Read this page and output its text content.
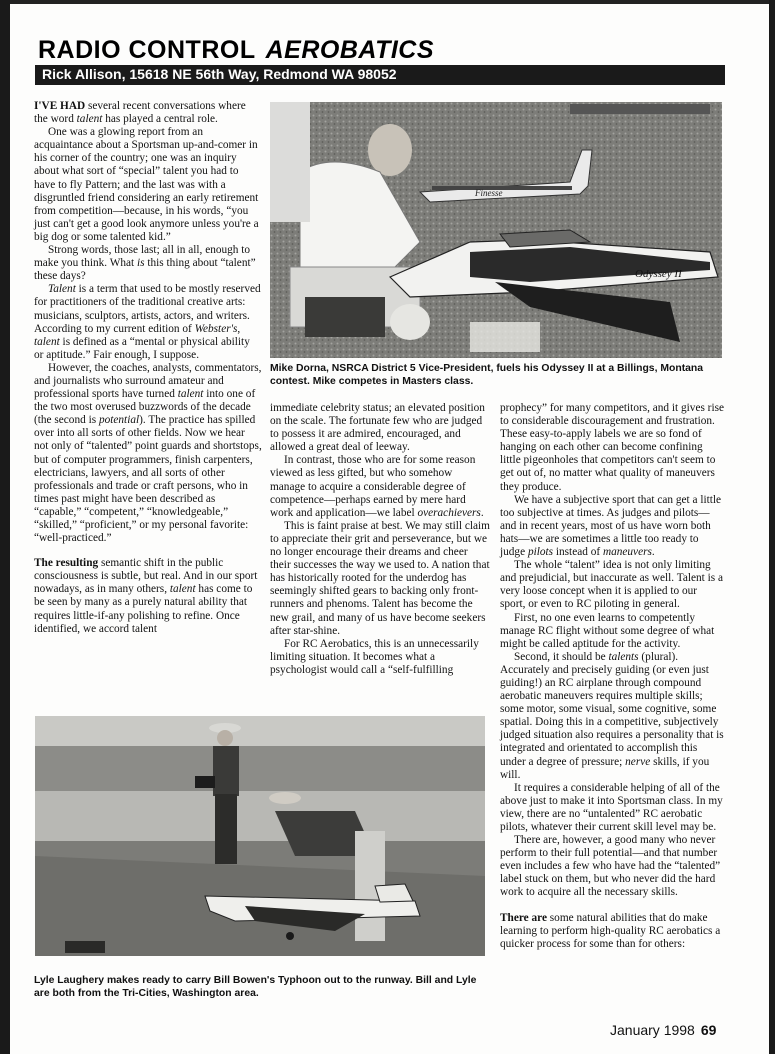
RADIO CONTROL AEROBATICS
Rick Allison, 15618 NE 56th Way, Redmond WA 98052

I'VE HAD several recent conversations where the word talent has played a central role.

One was a glowing report from an acquaintance about a Sportsman up-and-comer in his corner of the country; one was an inquiry about what sort of “special” talent you had to have to fly Pattern; and the last was with a disgruntled friend considering an early retirement from competition—because, in his words, “you just can't get a good look anymore unless you're a big dog or some talented kid.”

Strong words, those last; all in all, enough to make you think. What is this thing about “talent” these days?

Talent is a term that used to be mostly reserved for practitioners of the traditional creative arts: musicians, sculptors, artists, actors, and writers. According to my current edition of Webster's, talent is defined as a “mental or physical ability or aptitude.” Fair enough, I suppose.

However, the coaches, analysts, commentators, and journalists who surround amateur and professional sports have turned talent into one of the two most overused buzzwords of the decade (the second is potential). The practice has spilled over into all sorts of other fields. Now we hear not only of “talented” point guards and shortstops, but of computer programmers, finish carpenters, electricians, lawyers, and all sorts of other professionals and trade or craft persons, who in times past might have been described as “capable,” “competent,” “knowledgeable,” “skilled,” “proficient,” or my personal favorite: “well-practiced.”

The resulting semantic shift in the public consciousness is subtle, but real. And in our sport nowadays, as in many others, talent has come to be seen by many as a purely natural ability that requires little-if-any polishing to refine. Once identified, we accord talent

Finesse
Odyssey II
Mike Dorna, NSRCA District 5 Vice-President, fuels his Odyssey II at a Billings, Montana contest. Mike competes in Masters class.

immediate celebrity status; an elevated position on the scale. The fortunate few who are judged to possess it are admired, encouraged, and allowed a great deal of leeway.

In contrast, those who are for some reason viewed as less gifted, but who somehow manage to acquire a considerable degree of competence—perhaps earned by mere hard work and application—we label overachievers.

This is faint praise at best. We may still claim to appreciate their grit and perseverance, but we no longer encourage their dreams and cheer their successes the way we used to. A nation that has historically rooted for the underdog has seemingly shifted gears to backing only front-runners and phenoms. Talent has become the new grail, and many of us have become seekers after star-shine.

For RC Aerobatics, this is an unnecessarily limiting situation. It becomes what a psychologist would call a “self-fulfilling

prophecy” for many competitors, and it gives rise to considerable discouragement and frustration. These easy-to-apply labels we are so fond of hanging on each other can become confining little pigeonholes that competitors can't seem to get out of, no matter what quality of maneuvers they produce.

We have a subjective sport that can get a little too subjective at times. As judges and pilots—and in recent years, most of us have worn both hats—we are sometimes a little too ready to judge pilots instead of maneuvers.

The whole “talent” idea is not only limiting and prejudicial, but inaccurate as well. Talent is a very loose concept when it is applied to our sport, or even to RC piloting in general.

First, no one even learns to competently manage RC flight without some degree of what might be called aptitude for the activity.

Second, it should be talents (plural). Accurately and precisely guiding (or even just guiding!) an RC airplane through compound aerobatic maneuvers requires multiple skills; some motor, some visual, some cognitive, some spatial. Doing this in a competitive, subjectively judged situation also requires a personality that is integrated and orientated to accomplish this under a degree of pressure; nerve skills, if you will.

It requires a considerable helping of all of the above just to make it into Sportsman class. In my view, there are no “untalented” RC aerobatic pilots, whatever their current skill level may be.

There are, however, a good many who never perform to their full potential—and that number even includes a few who have had the “talented” label stuck on them, but who never did the hard work to acquire all the necessary skills.

There are some natural abilities that do make learning to perform high-quality RC aerobatics a quicker process for some than for others:

Lyle Laughery makes ready to carry Bill Bowen's Typhoon out to the runway. Bill and Lyle are both from the Tri-Cities, Washington area.
January 1998 69
